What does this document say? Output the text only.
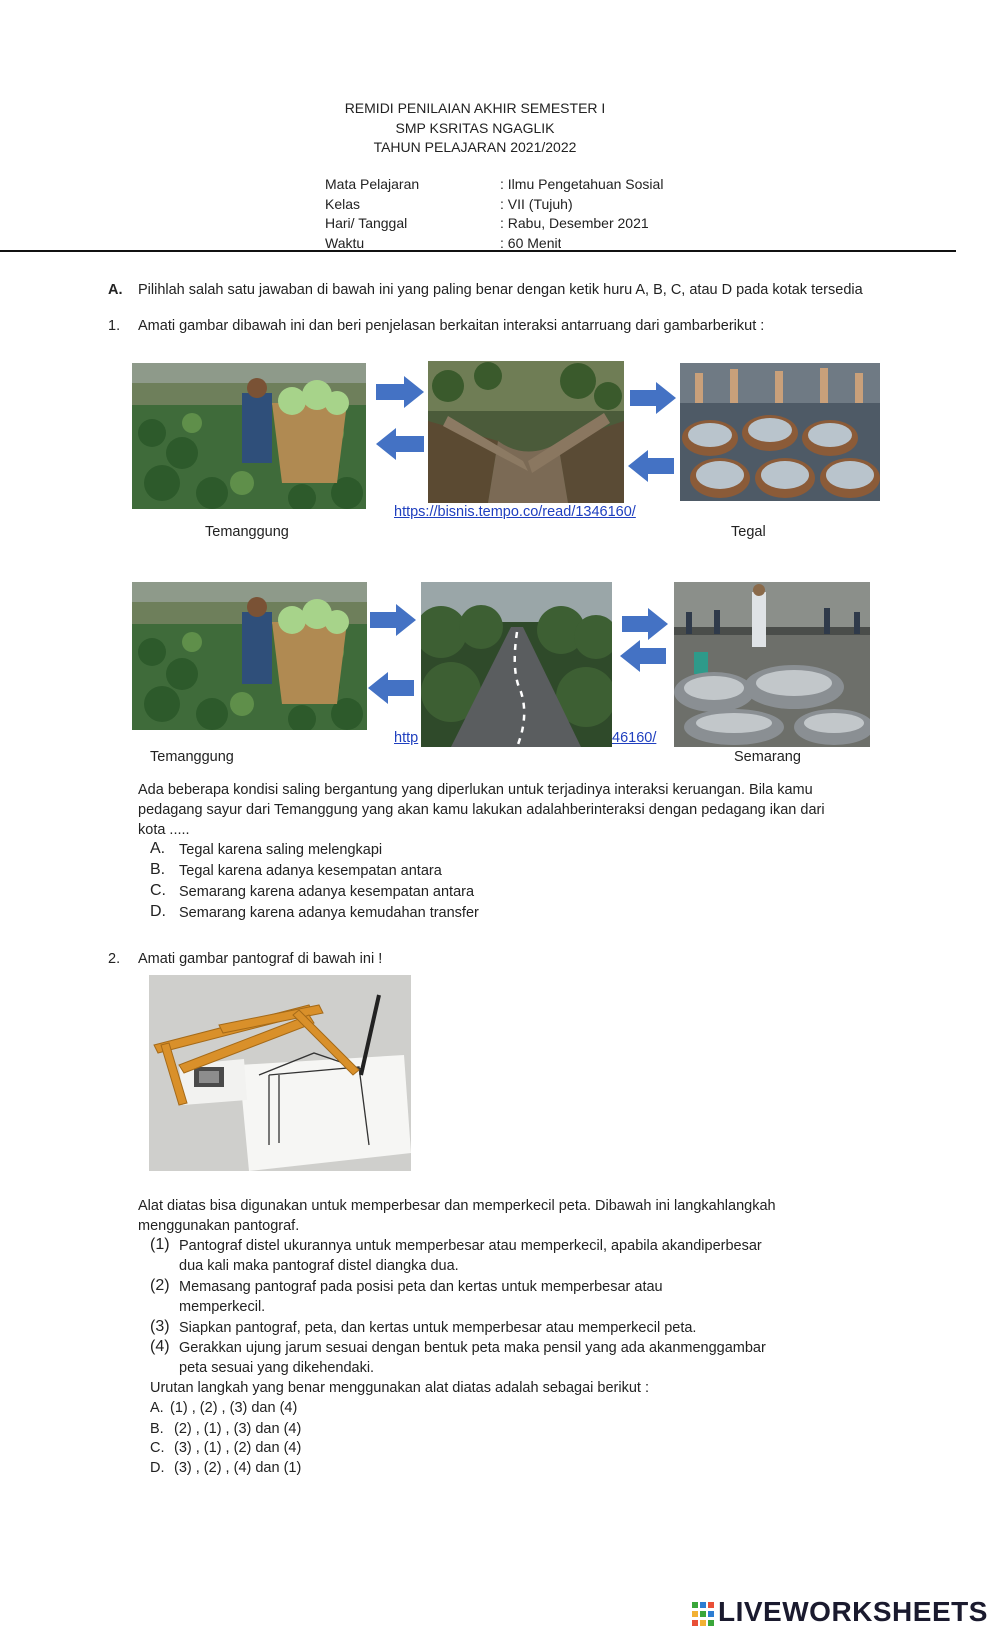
REMIDI PENILAIAN AKHIR SEMESTER I
SMP KSRITAS NGAGLIK
TAHUN PELAJARAN 2021/2022
Mata Pelajaran	: Ilmu Pengetahuan Sosial
Kelas	: VII (Tujuh)
Hari/ Tanggal	: Rabu, Desember 2021
Waktu	: 60 Menit
A. Pilihlah salah satu jawaban di bawah ini yang paling benar dengan ketik huru A, B, C, atau D pada kotak tersedia
1. Amati gambar dibawah ini dan beri penjelasan berkaitan interaksi antarruang dari gambarberikut :
https://bisnis.tempo.co/read/1346160/
Temanggung	Tegal
http	46160/
Temanggung	Semarang
Ada beberapa kondisi saling bergantung yang diperlukan untuk terjadinya interaksi keruangan. Bila kamu
pedagang sayur dari Temanggung yang akan kamu lakukan adalahberinteraksi dengan pedagang ikan dari
kota .....
A. Tegal karena saling melengkapi
B. Tegal karena adanya kesempatan antara
C. Semarang karena adanya kesempatan antara
D. Semarang karena adanya kemudahan transfer
2. Amati gambar pantograf di bawah ini !
Alat diatas bisa digunakan untuk memperbesar dan memperkecil peta. Dibawah ini langkahlangkah
menggunakan pantograf.
(1) Pantograf distel ukurannya untuk memperbesar atau memperkecil, apabila akandiperbesar
dua kali maka pantograf distel diangka dua.
(2) Memasang pantograf pada posisi peta dan kertas untuk memperbesar atau
memperkecil.
(3) Siapkan pantograf, peta, dan kertas untuk memperbesar atau memperkecil peta.
(4) Gerakkan ujung jarum sesuai dengan bentuk peta maka pensil yang ada akanmenggambar
peta sesuai yang dikehendaki.
Urutan langkah yang benar menggunakan alat diatas adalah sebagai berikut :
A. (1) , (2) , (3) dan (4)
B. (2) , (1) , (3) dan (4)
C. (3) , (1) , (2) dan (4)
D. (3) , (2) , (4) dan (1)
LIVEWORKSHEETS
